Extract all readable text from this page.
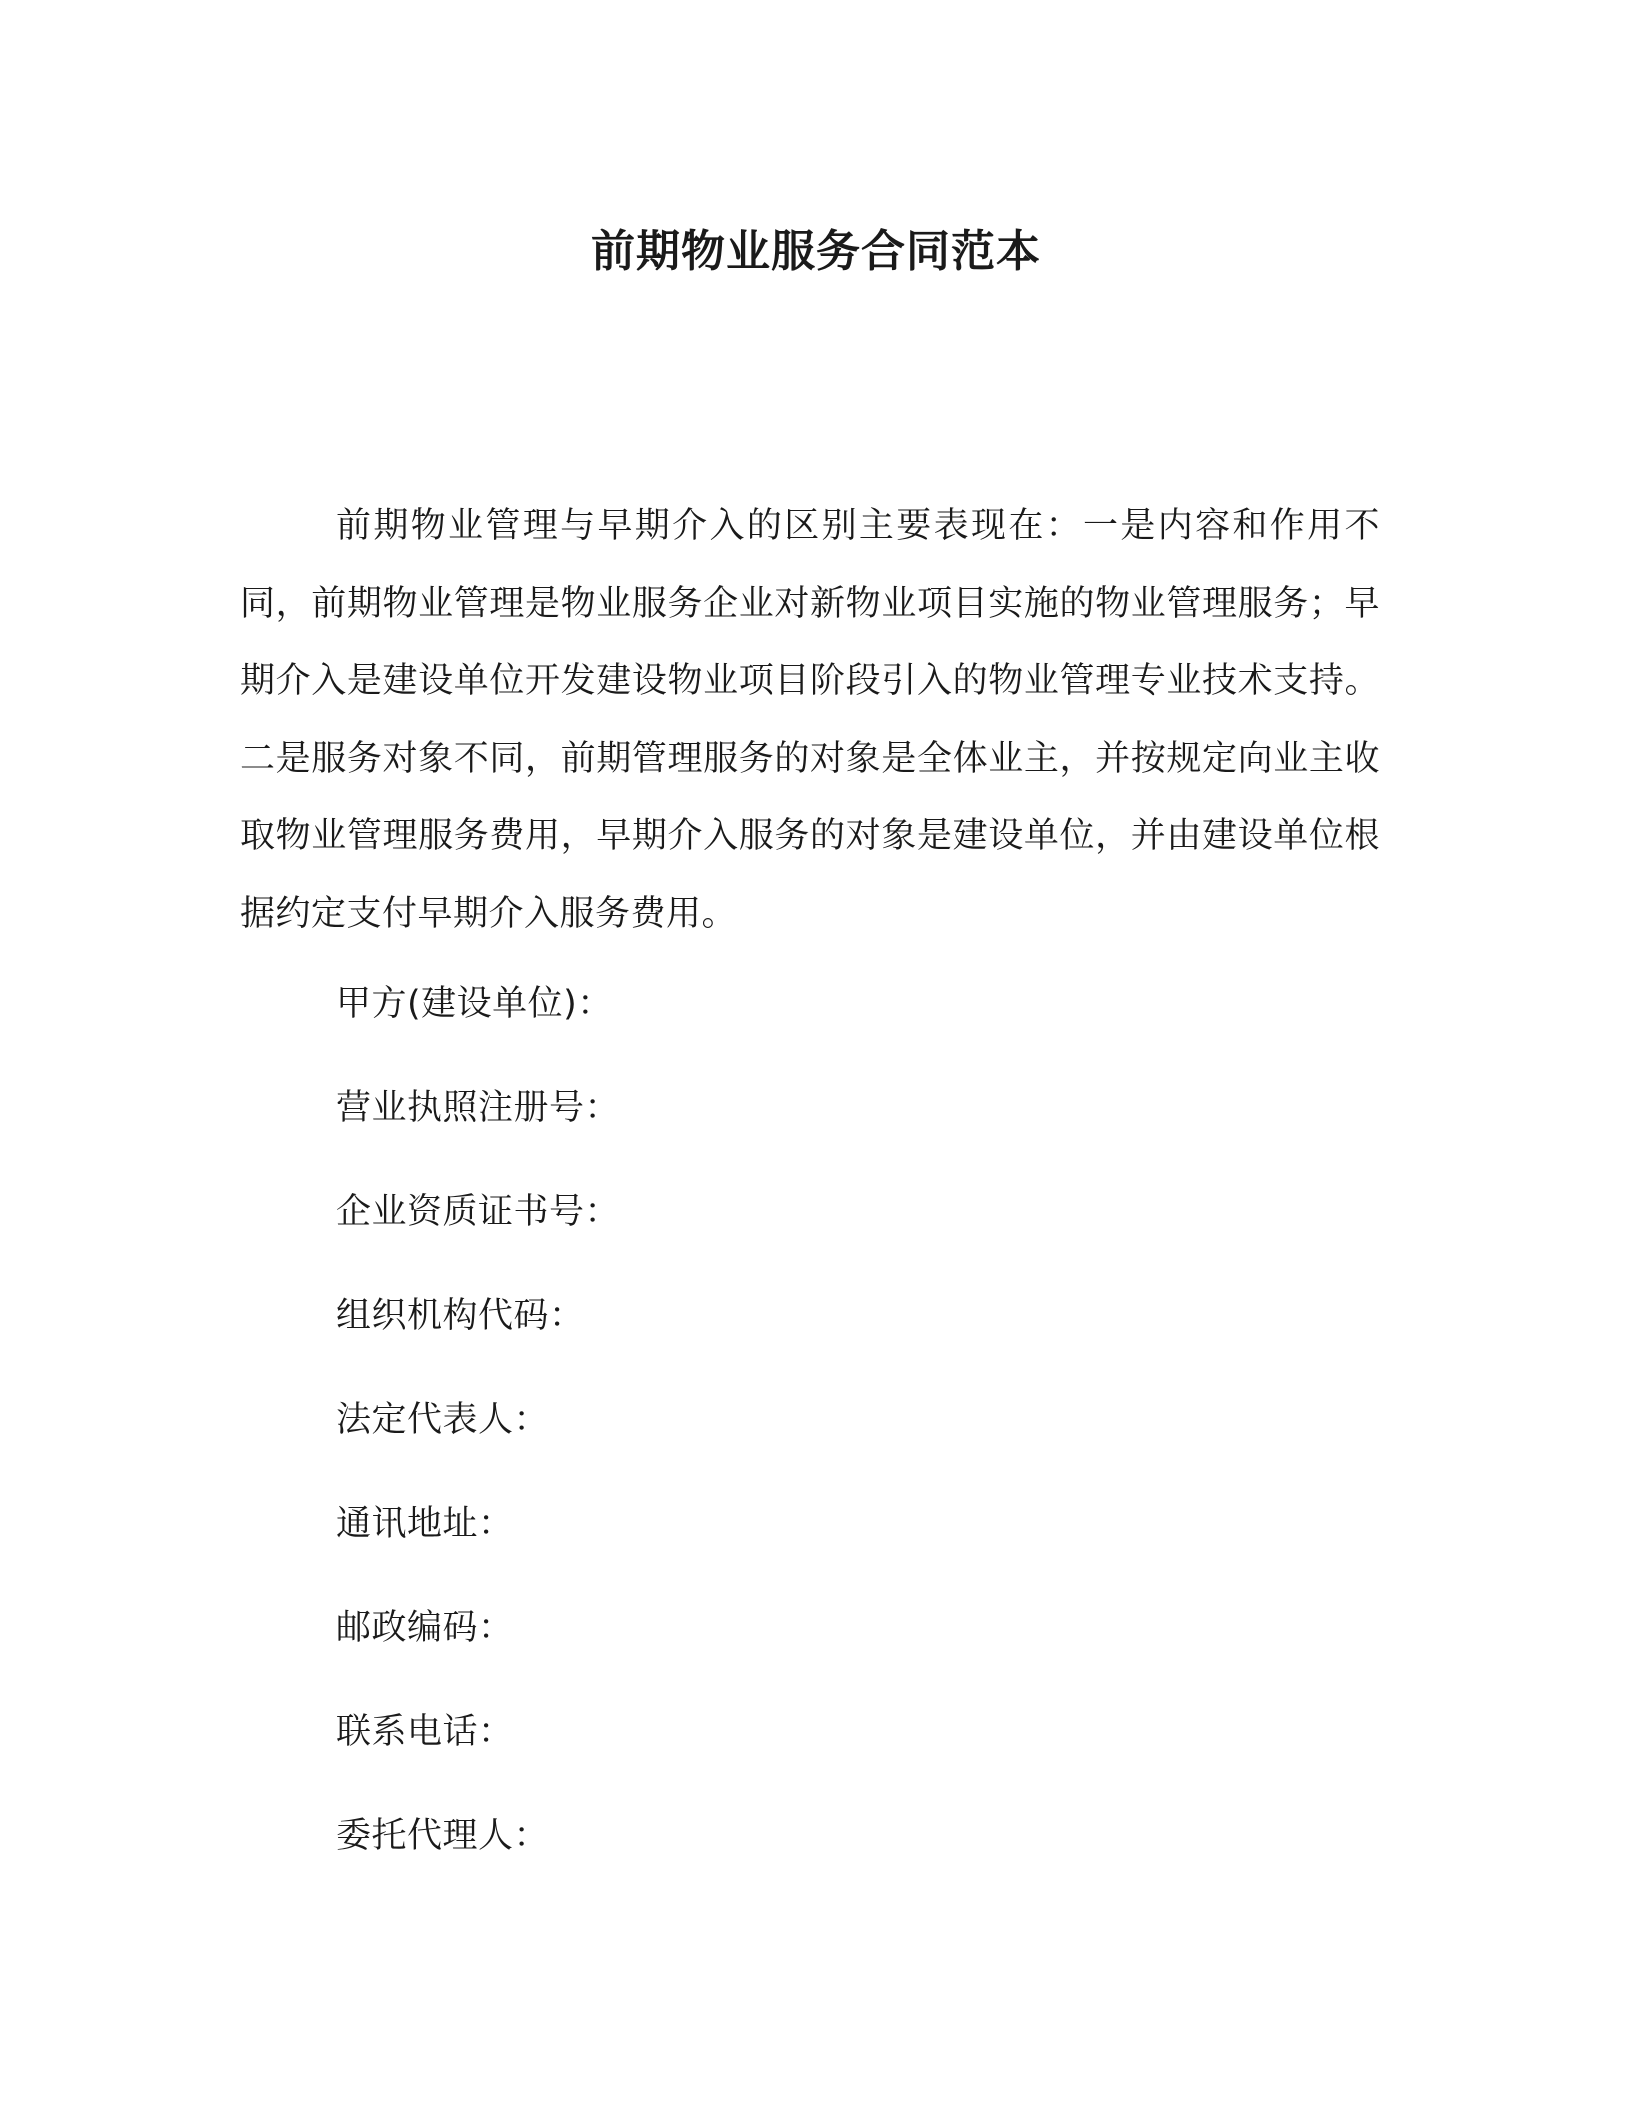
前期物业服务合同范本

前期物业管理与早期介入的区别主要表现在：一是内容和作用不同，前期物业管理是物业服务企业对新物业项目实施的物业管理服务；早期介入是建设单位开发建设物业项目阶段引入的物业管理专业技术支持。二是服务对象不同，前期管理服务的对象是全体业主，并按规定向业主收取物业管理服务费用，早期介入服务的对象是建设单位，并由建设单位根据约定支付早期介入服务费用。

甲方(建设单位)：
营业执照注册号：
企业资质证书号：
组织机构代码：
法定代表人：
通讯地址：
邮政编码：
联系电话：
委托代理人：
